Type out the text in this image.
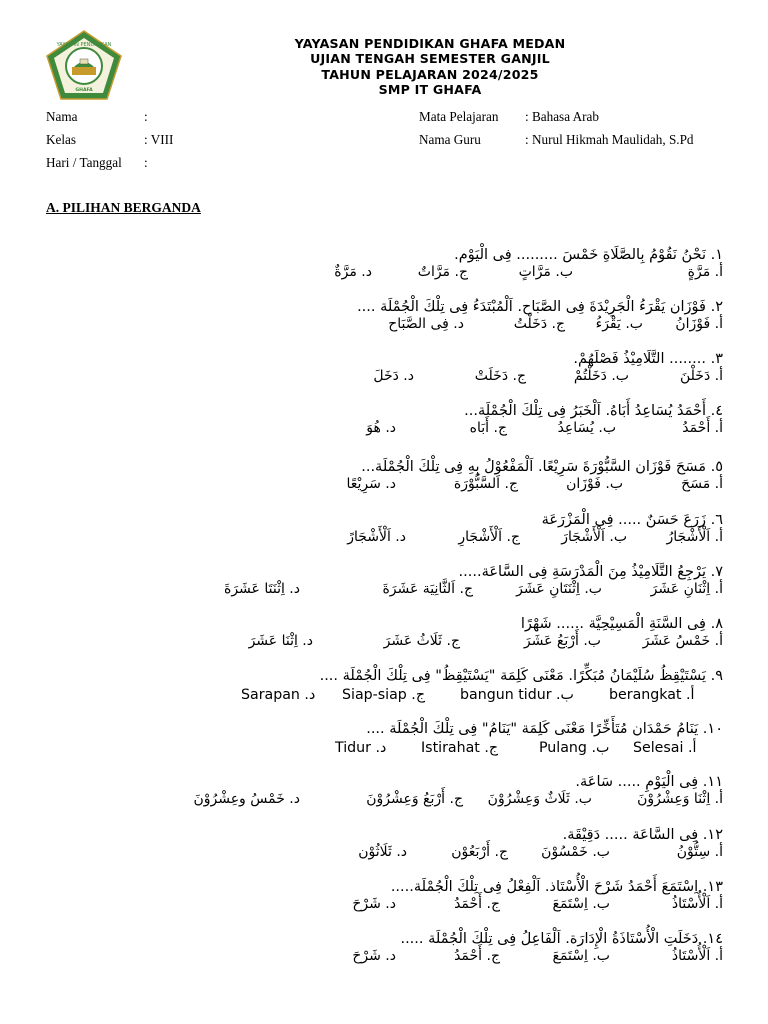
YAYASAN PENDIDIKAN
GHAFA
YAYASAN PENDIDIKAN GHAFA MEDAN
UJIAN TENGAH SEMESTER GANJIL
TAHUN PELAJARAN 2024/2025
SMP IT GHAFA
Nama	:
Kelas	: VIII
Hari / Tanggal :
Mata Pelajaran : Bahasa Arab
Nama Guru	: Nurul Hikmah Maulidah, S.Pd
A. PILIHAN BERGANDA
١. نَحْنُ نَقُوْمُ بِالصَّلَاةِ خَمْسَ ......... فِى الْيَوْم.
أ. مَرَّةٍ
ب. مَرَّاتٍ
ج. مَرَّاتٌ
د. مَرَّةٌ
٢. فَوْزَان يَقْرَءُ الْجَرِيْدَةَ فِى الصَّبَاح. اَلْمُبْتَدَءُ فِى تِلْكَ الْجُمْلَة ....
أ. فَوْزَانُ
ب. يَقْرَءُ
ج. دَخَلْتُ
د. فِى الصَّبَاح
٣. ........ التَّلَامِيْذُ فَصْلَهُمْ.
أ. دَخَلْنَ
ب. دَخَلْتُمْ
ج. دَخَلَتْ
د. دَخَلَ
٤. أَحْمَدُ يُسَاعِدُ أَبَاهُ. اَلْخَبَرُ فِى تِلْكَ الْجُمْلَة...
أ. أَحْمَدُ
ب. يُسَاعِدُ
ج. أَبَاه
د. هُوَ
٥. مَسَحَ فَوْزَان السَّبُّوْرَةَ سَرِيْعًا. اَلْمَفْعُوْلُ بِهِ فِى تِلْكَ الْجُمْلَة...
أ. مَسَحَ
ب. فَوْزَان
ج. اَلسَّبُّوْرَة
د. سَرِيْعًا
٦. زَرَعَ حَسَنٌ ..... فِى الْمَزْرَعَة
أ. اَلْأَشْجَارُ
ب. اَلْأَشْجَارَ
ج. اَلْأَشْجَارِ
د. اَلْأَشْجَارً
٧. يَرْجِعُ التَّلَامِيْذُ مِنَ الْمَدْرَسَةِ فِى السَّاعَة.....
أ. اِثْنَانِ عَشَرَ
ب. اِثْنَتَانِ عَشَرَ
ج. اَلثَّانِيَة عَشَرَةَ
د. اِثْنَتَا عَشَرَةَ
٨. فِى السَّنَةِ الْمَسِيْحِيَّة ...... شَهْرًا
أ. خَمْسُ عَشَرَ
ب. أَرْبَعُ عَشَرَ
ج. ثَلَاثُ عَشَرَ
د. اِثْنَا عَشَرَ
٩. يَسْتَيْقِظُ سُلَيْمَانُ مُبَكِّرًا. مَعْنَى كَلِمَة "يَسْتَيْقِظُ" فِى تِلْكَ الْجُمْلَة ....
berangkat .أ
bangun tidur .ب
Siap-siap .ج
Sarapan .د
١٠. يَنَامُ حَمْدَان مُتَأَخِّرًا مَعْنَى كَلِمَة "يَنَامُ" فِى تِلْكَ الْجُمْلَة ....
Selesai .أ
Pulang .ب
Istirahat .ج
Tidur .د
١١. فِى الْيَوْمِ ..... سَاعَة.
أ. اِثْنَا وَعِشْرُوْنَ
ب. ثَلَاثٌ وَعِشْرُوْنَ
ج. أَرْبَعُ وَعِشْرُوْنَ
د. خَمْسُ وعِشْرُوْنَ
١٢. فِى السَّاعَة ..... دَقِيْقَة.
أ. سِتُّوْنُ
ب. خَمْسُوْنَ
ج. أَرْبَعُوْن
د. ثَلَاثُوْن
١٣. اِسْتَمَعَ أَحْمَدُ شَرْحَ الْأُسْتَاذ. اَلْفِعْلُ فِى تِلْكَ الْجُمْلَة.....
أ. اَلْأُسْتَاذُ
ب. اِسْتَمَعَ
ج. أَحْمَدُ
د. شَرْحَ
١٤. دَخَلَتِ الْأُسْتَاذَةُ الْإِدَارَة. اَلْفَاعِلُ فِى تِلْكَ الْجُمْلَة .....
أ. اَلْأُسْتَاذُ
ب. اِسْتَمَعَ
ج. أَحْمَدُ
د. شَرْحَ
